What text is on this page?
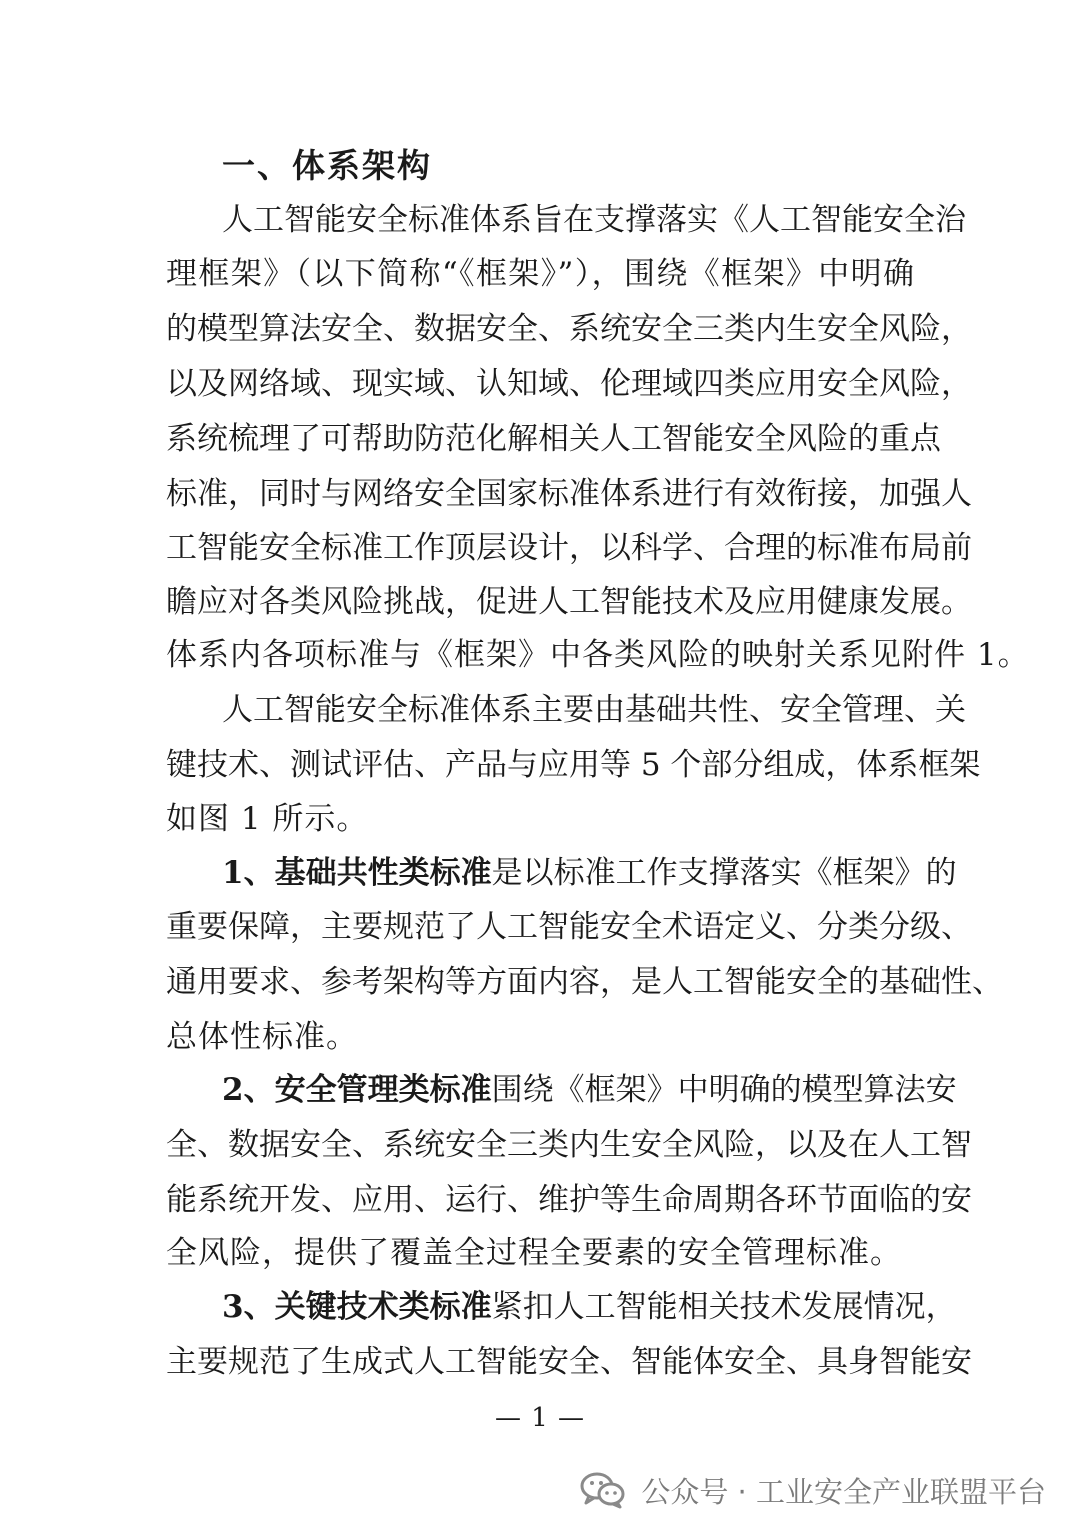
一、体系架构
人工智能安全标准体系旨在支撑落实《人工智能安全治
理框架》（以下简称“《框架》”），围绕《框架》中明确
的模型算法安全、数据安全、系统安全三类内生安全风险，
以及网络域、现实域、认知域、伦理域四类应用安全风险，
系统梳理了可帮助防范化解相关人工智能安全风险的重点
标准，同时与网络安全国家标准体系进行有效衔接，加强人
工智能安全标准工作顶层设计，以科学、合理的标准布局前
瞻应对各类风险挑战，促进人工智能技术及应用健康发展。
体系内各项标准与《框架》中各类风险的映射关系见附件 1。
人工智能安全标准体系主要由基础共性、安全管理、关
键技术、测试评估、产品与应用等 5 个部分组成，体系框架
如图 1 所示。
1、基础共性类标准是以标准工作支撑落实《框架》的
重要保障，主要规范了人工智能安全术语定义、分类分级、
通用要求、参考架构等方面内容，是人工智能安全的基础性、
总体性标准。
2、安全管理类标准围绕《框架》中明确的模型算法安
全、数据安全、系统安全三类内生安全风险，以及在人工智
能系统开发、应用、运行、维护等生命周期各环节面临的安
全风险，提供了覆盖全过程全要素的安全管理标准。
3、关键技术类标准紧扣人工智能相关技术发展情况，
主要规范了生成式人工智能安全、智能体安全、具身智能安
— 1 —
公众号 · 工业安全产业联盟平台
